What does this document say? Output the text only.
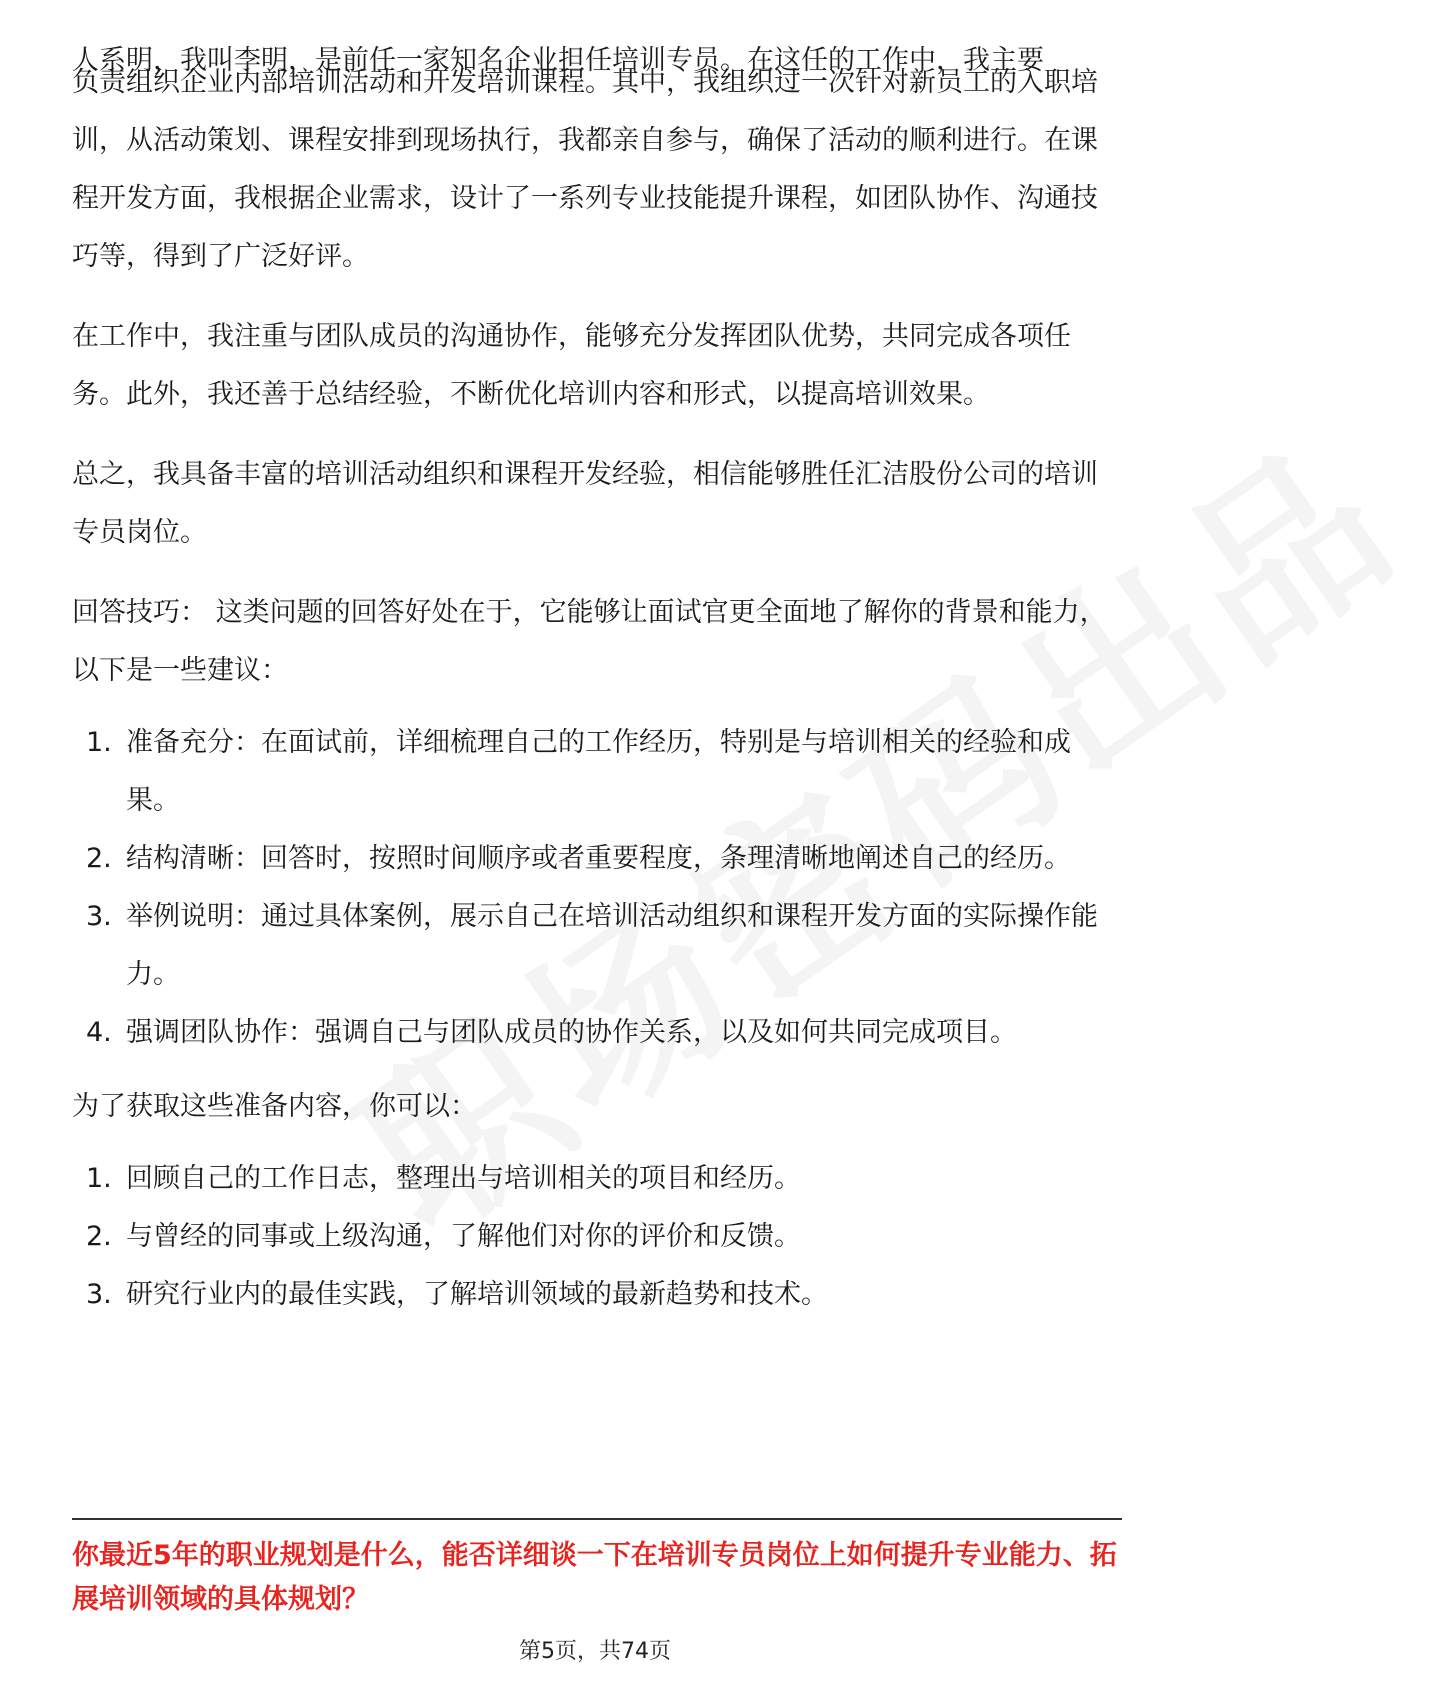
人系明，我叫李明，是前任一家知名企业担任培训专员。在这任的工作中，我主要

负责组织企业内部培训活动和开发培训课程。其中，我组织过一次针对新员工的入职培训，从活动策划、课程安排到现场执行，我都亲自参与，确保了活动的顺利进行。在课程开发方面，我根据企业需求，设计了一系列专业技能提升课程，如团队协作、沟通技巧等，得到了广泛好评。

在工作中，我注重与团队成员的沟通协作，能够充分发挥团队优势，共同完成各项任务。此外，我还善于总结经验，不断优化培训内容和形式，以提高培训效果。

总之，我具备丰富的培训活动组织和课程开发经验，相信能够胜任汇洁股份公司的培训专员岗位。

回答技巧： 这类问题的回答好处在于，它能够让面试官更全面地了解你的背景和能力，以下是一些建议：

1. 准备充分：在面试前，详细梳理自己的工作经历，特别是与培训相关的经验和成果。
2. 结构清晰：回答时，按照时间顺序或者重要程度，条理清晰地阐述自己的经历。
3. 举例说明：通过具体案例，展示自己在培训活动组织和课程开发方面的实际操作能力。
4. 强调团队协作：强调自己与团队成员的协作关系，以及如何共同完成项目。

为了获取这些准备内容，你可以：

1. 回顾自己的工作日志，整理出与培训相关的项目和经历。
2. 与曾经的同事或上级沟通，了解他们对你的评价和反馈。
3. 研究行业内的最佳实践，了解培训领域的最新趋势和技术。

你最近5年的职业规划是什么，能否详细谈一下在培训专员岗位上如何提升专业能力、拓展培训领域的具体规划？

第5页，共74页
